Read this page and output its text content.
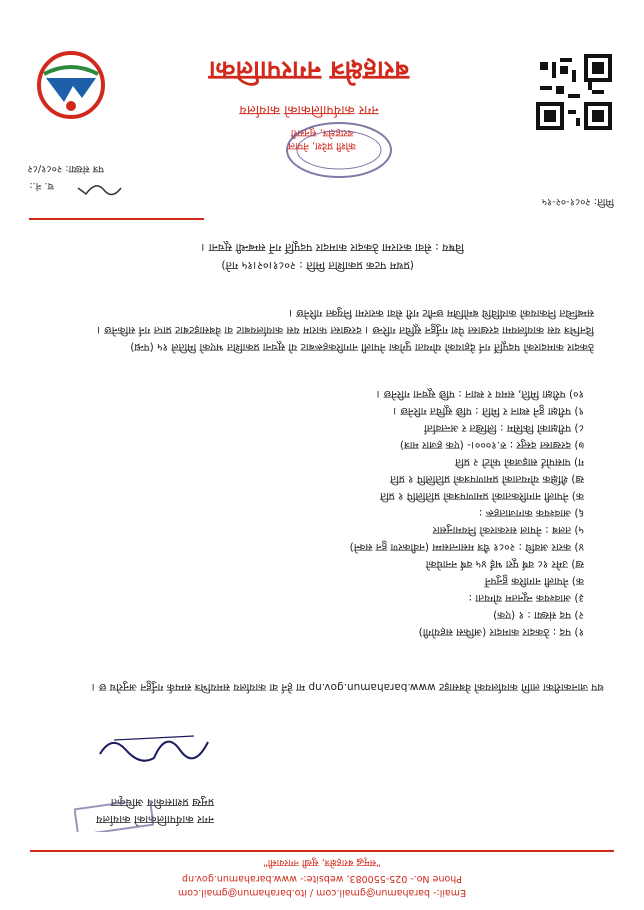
बराहक्षेत्र नगरपालिका
नगर कार्यपालिकाको कार्यालय
बराहक्षेत्र, सुनसरी
कोशी प्रदेश, नेपाल
पत्र संख्या: २०८१/८२
च. नं.:
मिति: २०८१-०२-१५
विषय : सेवा करारमा ठेकदार कामदार पदपूर्ति गर्ने सम्बन्धी सूचना ।
(प्रथम पटक प्रकाशित मिति : २०८१।०२।१५ गते)
ठेकदार कामदारको पदपूर्ति गर्न देहायको योग्यता पुगेका नेपाली नागरिकहरूबाट यो सूचना प्रकाशित भएको मितिले १५ (पन्ध्र)
दिनभित्र यस कार्यालयमा दरखास्त पेश गर्नुहुन सूचित गरिन्छ । दरखास्त फाराम यस कार्यालयबाट वा वेबसाइटबाट प्राप्त गर्न सकिनेछ ।
सम्बन्धित निकायको कार्यविधि बमोजिम छनौट गरी सेवा करारमा नियुक्त गरिनेछ ।
१) पद : ठेकदार कामदार (अफिस सहयोगी)
२) पद संख्या : १ (एक)
३) आवश्यक न्यूनतम योग्यता :
क) नेपाली नागरिक हुनुपर्ने
ख) उमेर १८ वर्ष पूरा भई ४५ वर्ष ननाघेको
४) करार अवधि : २०८१ चैत्र मसान्तसम्म (नवीकरण हुन सक्ने)
५) तलब : नेपाल सरकारको नियमानुसार
६) आवश्यक कागजातहरू :
क) नेपाली नागरिकताको प्रमाणपत्रको प्रतिलिपि १ प्रति
ख) शैक्षिक योग्यताको प्रमाणपत्रको प्रतिलिपि १ प्रति
ग) पासपोर्ट साइजको फोटो २ प्रति
७) दरखास्त दस्तुर : रु.१०००।- (एक हजार मात्र)
८) परीक्षाको किसिम : लिखित र अन्तर्वार्ता
९) परीक्षा हुने स्थान र मिति : पछि सूचित गरिनेछ ।
१०) परीक्षा मिति, समय र स्थान : पछि सूचना गरिनेछ ।
थप जानकारीका लागि कार्यालयको वेबसाइट www.barahamun.gov.np मा हेर्न वा कार्यालय समयभित्र सम्पर्क गर्नुहुन अनुरोध छ ।
प्रमुख प्रशासकीय अधिकृत
नगर कार्यपालिकाको कार्यालय
"समृद्ध बराहक्षेत्र, सुखी नगरवासी"
Phone No.- 025-550083, website:- www.barahamun.gov.np
Email:- barahamun@gmail.com / ito.barahamun@gmail.com
